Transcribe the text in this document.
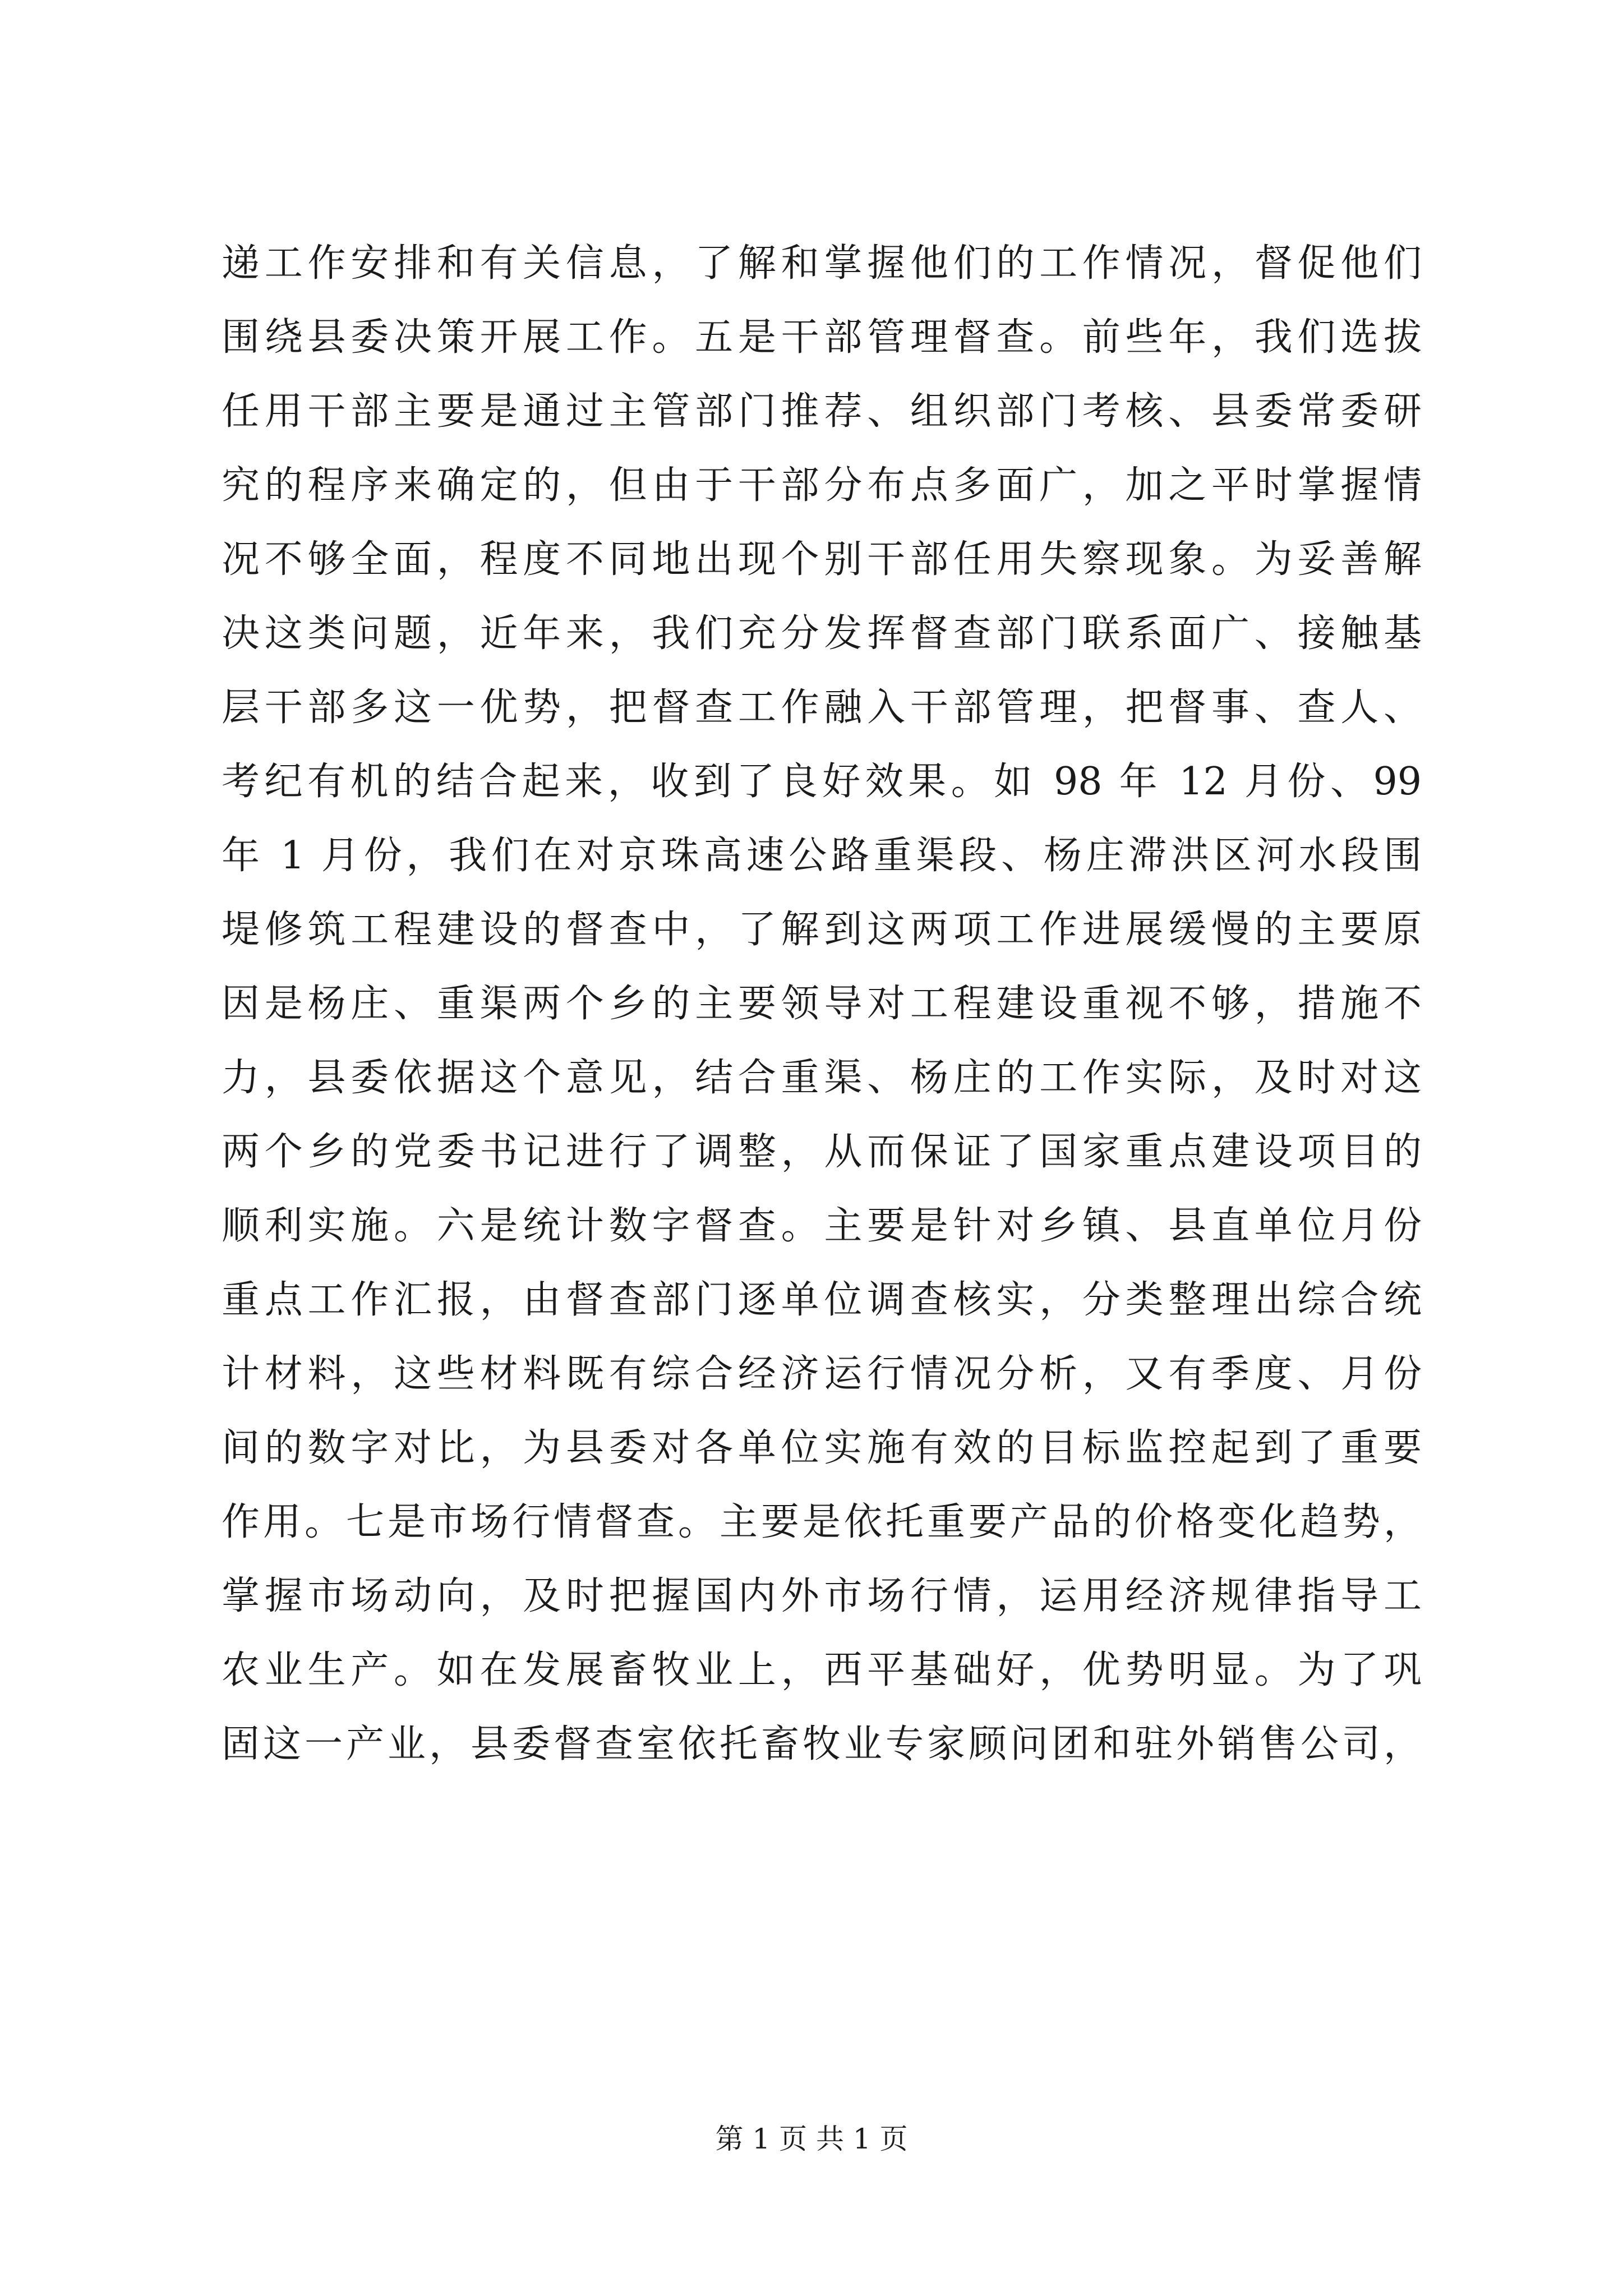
递工作安排和有关信息，了解和掌握他们的工作情况，督促他们
围绕县委决策开展工作。五是干部管理督查。前些年，我们选拔
任用干部主要是通过主管部门推荐、组织部门考核、县委常委研
究的程序来确定的，但由于干部分布点多面广，加之平时掌握情
况不够全面，程度不同地出现个别干部任用失察现象。为妥善解
决这类问题，近年来，我们充分发挥督查部门联系面广、接触基
层干部多这一优势，把督查工作融入干部管理，把督事、查人、
考纪有机的结合起来，收到了良好效果。如 98 年 12 月份、99
年 1 月份，我们在对京珠高速公路重渠段、杨庄滞洪区河水段围
堤修筑工程建设的督查中，了解到这两项工作进展缓慢的主要原
因是杨庄、重渠两个乡的主要领导对工程建设重视不够，措施不
力，县委依据这个意见，结合重渠、杨庄的工作实际，及时对这
两个乡的党委书记进行了调整，从而保证了国家重点建设项目的
顺利实施。六是统计数字督查。主要是针对乡镇、县直单位月份
重点工作汇报，由督查部门逐单位调查核实，分类整理出综合统
计材料，这些材料既有综合经济运行情况分析，又有季度、月份
间的数字对比，为县委对各单位实施有效的目标监控起到了重要
作用。七是市场行情督查。主要是依托重要产品的价格变化趋势，
掌握市场动向，及时把握国内外市场行情，运用经济规律指导工
农业生产。如在发展畜牧业上，西平基础好，优势明显。为了巩
固这一产业，县委督查室依托畜牧业专家顾问团和驻外销售公司，
第 1 页 共 1 页
